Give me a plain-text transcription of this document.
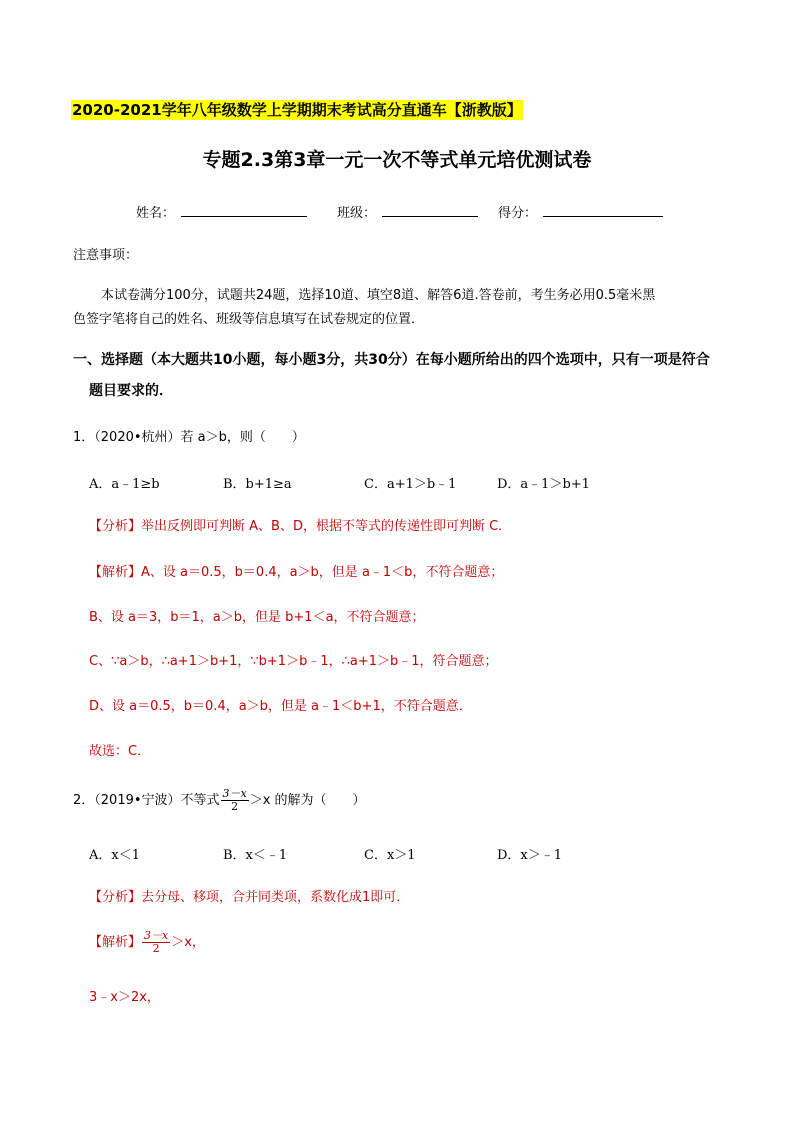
2020-2021学年八年级数学上学期期末考试高分直通车【浙教版】
专题2.3第3章一元一次不等式单元培优测试卷
姓名：	班级：	得分：
注意事项：
本试卷满分100分，试题共24题，选择10道、填空8道、解答6道.答卷前，考生务必用0.5毫米黑
色签字笔将自己的姓名、班级等信息填写在试卷规定的位置．
一、选择题（本大题共10小题，每小题3分，共30分）在每小题所给出的四个选项中，只有一项是符合
题目要求的．
1．（2020•杭州）若 a＞b，则（　　）
A．a﹣1≥b	B．b+1≥a	C．a+1＞b﹣1	D．a﹣1＞b+1
【分析】举出反例即可判断 A、B、D，根据不等式的传递性即可判断 C．
【解析】A、设 a＝0.5，b＝0.4，a＞b，但是 a﹣1＜b，不符合题意；
B、设 a＝3，b＝1，a＞b，但是 b+1＜a，不符合题意；
C、∵a＞b，∴a+1＞b+1，∵b+1＞b﹣1，∴a+1＞b﹣1，符合题意；
D、设 a＝0.5，b＝0.4，a＞b，但是 a﹣1＜b+1，不符合题意．
故选：C．
2．（2019•宁波）不等式 $\frac{3-x}{2} >x$ 的解为（　　）
A．x＜1	B．x＜﹣1	C．x＞1	D．x＞﹣1
【分析】去分母、移项，合并同类项，系数化成1即可．
【解析】 $\frac{3-x}{2} >x$，
3﹣x＞2x，
